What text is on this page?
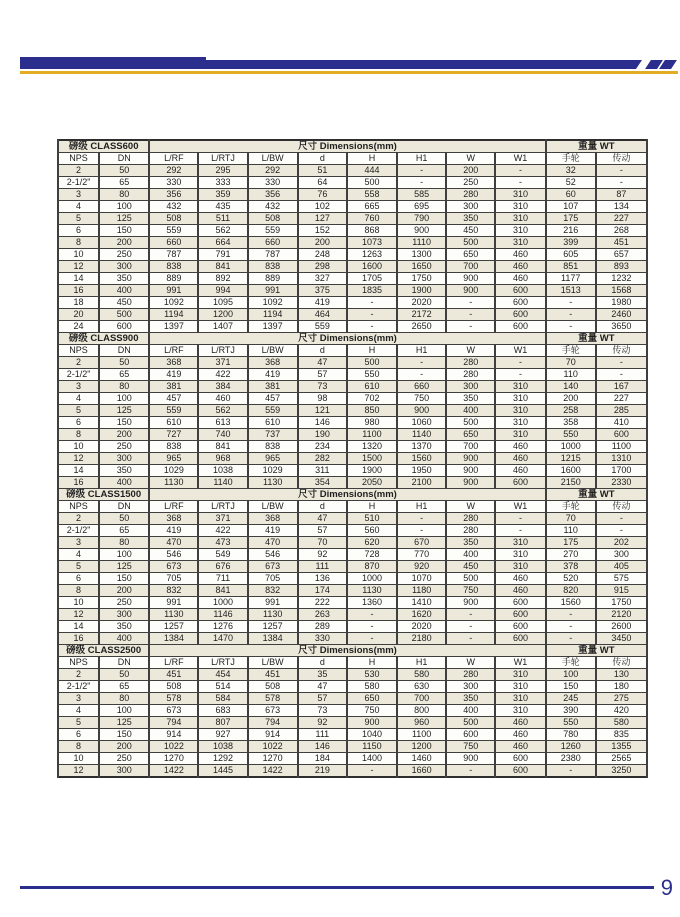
磅级 CLASS600		尺寸 Dimensions(mm)								重量 WT	
NPS	DN	L/RF	L/RTJ	L/BW	d	H	H1	W	W1	手轮	传动
2	50	292	295	292	51	444	-	200	-	32	-
2-1/2"	65	330	333	330	64	500	-	250	-	52	-
3	80	356	359	356	76	558	585	280	310	60	87
4	100	432	435	432	102	665	695	300	310	107	134
5	125	508	511	508	127	760	790	350	310	175	227
6	150	559	562	559	152	868	900	450	310	216	268
8	200	660	664	660	200	1073	1110	500	310	399	451
10	250	787	791	787	248	1263	1300	650	460	605	657
12	300	838	841	838	298	1600	1650	700	460	851	893
14	350	889	892	889	327	1705	1750	900	460	1177	1232
16	400	991	994	991	375	1835	1900	900	600	1513	1568
18	450	1092	1095	1092	419	-	2020	-	600	-	1980
20	500	1194	1200	1194	464	-	2172	-	600	-	2460
24	600	1397	1407	1397	559	-	2650	-	600	-	3650
磅级 CLASS900		尺寸 Dimensions(mm)								重量 WT	
NPS	DN	L/RF	L/RTJ	L/BW	d	H	H1	W	W1	手轮	传动
2	50	368	371	368	47	500	-	280	-	70	-
2-1/2"	65	419	422	419	57	550	-	280	-	110	-
3	80	381	384	381	73	610	660	300	310	140	167
4	100	457	460	457	98	702	750	350	310	200	227
5	125	559	562	559	121	850	900	400	310	258	285
6	150	610	613	610	146	980	1060	500	310	358	410
8	200	727	740	737	190	1100	1140	650	310	550	600
10	250	838	841	838	234	1320	1370	700	460	1000	1100
12	300	965	968	965	282	1500	1560	900	460	1215	1310
14	350	1029	1038	1029	311	1900	1950	900	460	1600	1700
16	400	1130	1140	1130	354	2050	2100	900	600	2150	2330
磅级 CLASS1500		尺寸 Dimensions(mm)								重量 WT	
NPS	DN	L/RF	L/RTJ	L/BW	d	H	H1	W	W1	手轮	传动
2	50	368	371	368	47	510	-	280	-	70	-
2-1/2"	65	419	422	419	57	560	-	280	-	110	-
3	80	470	473	470	70	620	670	350	310	175	202
4	100	546	549	546	92	728	770	400	310	270	300
5	125	673	676	673	111	870	920	450	310	378	405
6	150	705	711	705	136	1000	1070	500	460	520	575
8	200	832	841	832	174	1130	1180	750	460	820	915
10	250	991	1000	991	222	1360	1410	900	600	1560	1750
12	300	1130	1146	1130	263	-	1620	-	600	-	2120
14	350	1257	1276	1257	289	-	2020	-	600	-	2600
16	400	1384	1470	1384	330	-	2180	-	600	-	3450
磅级 CLASS2500		尺寸 Dimensions(mm)								重量 WT	
NPS	DN	L/RF	L/RTJ	L/BW	d	H	H1	W	W1	手轮	传动
2	50	451	454	451	35	530	580	280	310	100	130
2-1/2"	65	508	514	508	47	580	630	300	310	150	180
3	80	578	584	578	57	650	700	350	310	245	275
4	100	673	683	673	73	750	800	400	310	390	420
5	125	794	807	794	92	900	960	500	460	550	580
6	150	914	927	914	111	1040	1100	600	460	780	835
8	200	1022	1038	1022	146	1150	1200	750	460	1260	1355
10	250	1270	1292	1270	184	1400	1460	900	600	2380	2565
12	300	1422	1445	1422	219	-	1660	-	600	-	3250
9
